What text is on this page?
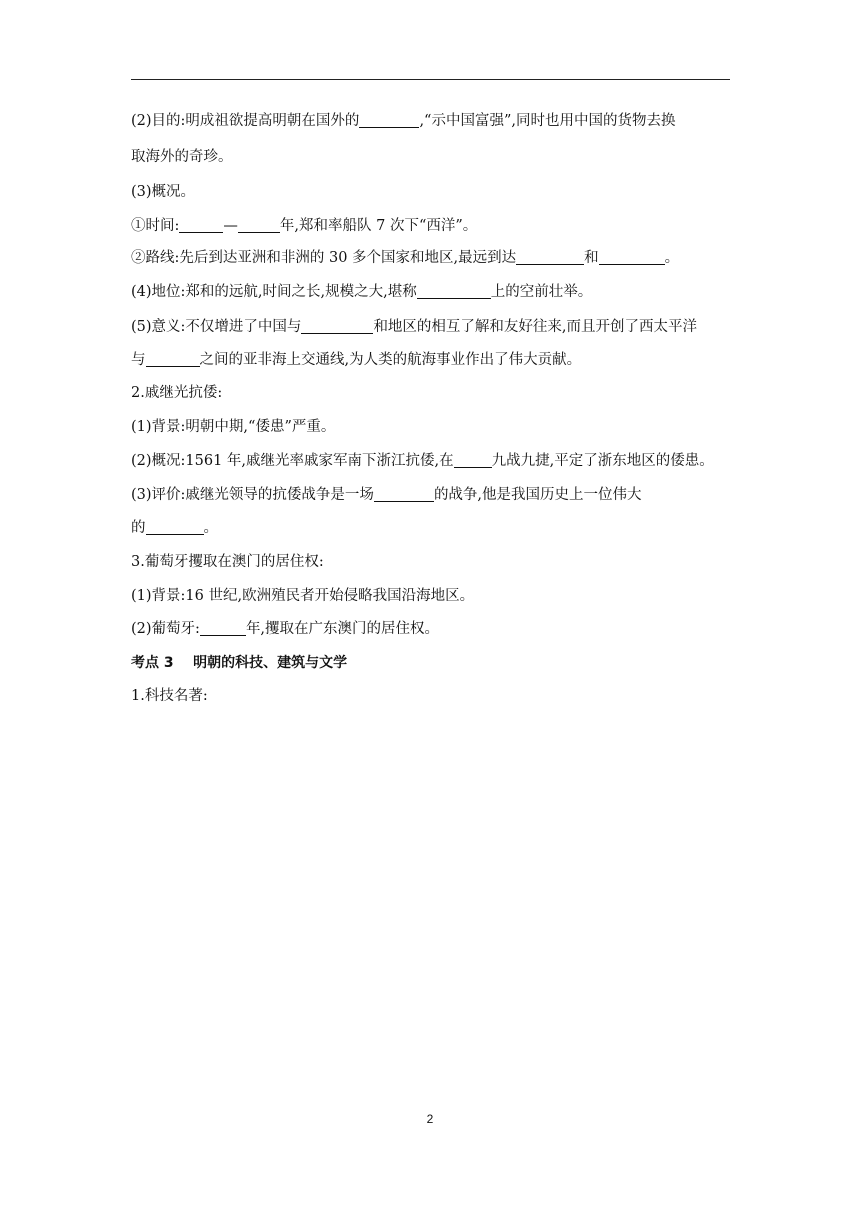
(2)目的:明成祖欲提高明朝在国外的	,“示中国富强”,同时也用中国的货物去换
取海外的奇珍。
(3)概况。
①时间:	—	年,郑和率船队 7 次下“西洋”。
②路线:先后到达亚洲和非洲的 30 多个国家和地区,最远到达	和	。
(4)地位:郑和的远航,时间之长,规模之大,堪称	上的空前壮举。
(5)意义:不仅增进了中国与	和地区的相互了解和友好往来,而且开创了西太平洋
与	之间的亚非海上交通线,为人类的航海事业作出了伟大贡献。
2.戚继光抗倭:
(1)背景:明朝中期,“倭患”严重。
(2)概况:1561 年,戚继光率戚家军南下浙江抗倭,在	九战九捷,平定了浙东地区的倭患。
(3)评价:戚继光领导的抗倭战争是一场	的战争,他是我国历史上一位伟大
的	。
3.葡萄牙攫取在澳门的居住权:
(1)背景:16 世纪,欧洲殖民者开始侵略我国沿海地区。
(2)葡萄牙:	年,攫取在广东澳门的居住权。
考点 3    明朝的科技、建筑与文学
1.科技名著:
2
